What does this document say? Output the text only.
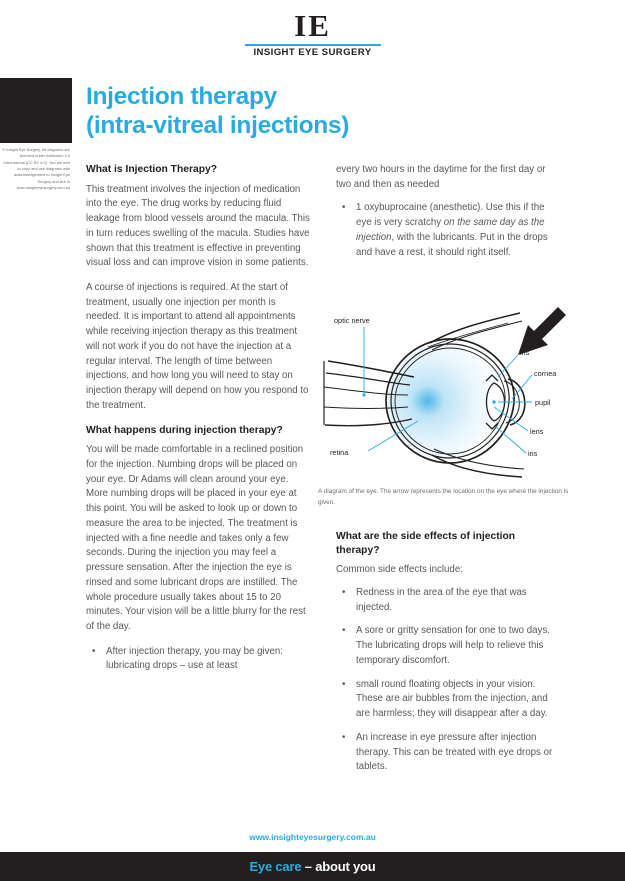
IE
INSIGHT EYE SURGERY
© Insight Eye Surgery. All diagrams are licensed under Attribution 4.0 International (CC BY 4.0). You are free to copy and use diagrams with acknowledgement to Insight Eye Surgery and link to www.insighteyesurgery.com.au
Injection therapy
(intra-vitreal injections)
What is Injection Therapy?

This treatment involves the injection of medication into the eye. The drug works by reducing fluid leakage from blood vessels around the macula. This in turn reduces swelling of the macula. Studies have shown that this treatment is effective in preventing visual loss and can improve vision in some patients.

A course of injections is required. At the start of treatment, usually one injection per month is needed. It is important to attend all appointments while receiving injection therapy as this treatment will not work if you do not have the injection at a regular interval. The length of time between injections, and how long you will need to stay on injection therapy will depend on how you respond to the treatment.

What happens during injection therapy?

You will be made comfortable in a reclined position for the injection. Numbing drops will be placed on your eye. Dr Adams will clean around your eye. More numbing drops will be placed in your eye at this point. You will be asked to look up or down to measure the area to be injected. The treatment is injected with a fine needle and takes only a few seconds. During the injection you may feel a pressure sensation. After the injection the eye is rinsed and some lubricant drops are instilled. The whole procedure usually takes about 15 to 20 minutes. Your vision will be a little blurry for the rest of the day.

• After injection therapy, you may be given: lubricating drops – use at least
every two hours in the daytime for the first day or two and then as needed
• 1 oxybuprocaine (anesthetic). Use this if the eye is very scratchy on the same day as the injection, with the lubricants. Put in the drops and have a rest, it should right itself.
optic nerve
retina
iris
cornea
pupil
lens
iris
A diagram of the eye. The arrow represents the location on the eye where the injection is given.
What are the side effects of injection therapy?

Common side effects include:

• Redness in the area of the eye that was injected.
• A sore or gritty sensation for one to two days. The lubricating drops will help to relieve this temporary discomfort.
• small round floating objects in your vision. These are air bubbles from the injection, and are harmless; they will disappear after a day.
• An increase in eye pressure after injection therapy. This can be treated with eye drops or tablets.
www.insighteyesurgery.com.au
Eye care – about you
